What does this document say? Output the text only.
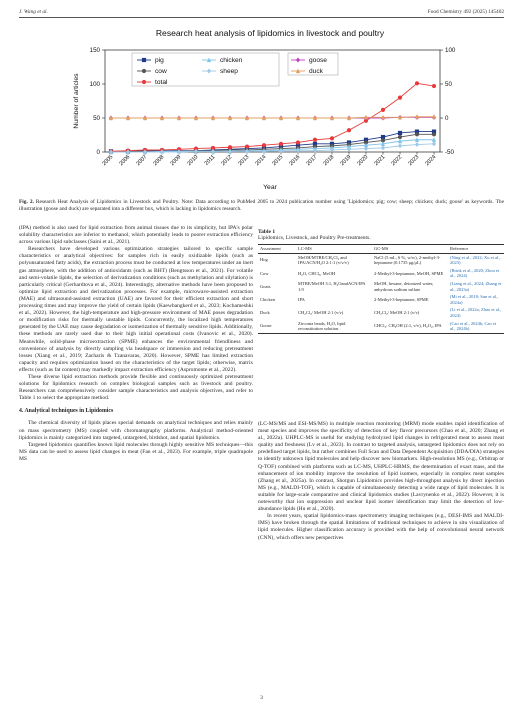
J. Wang et al.	Food Chemistry 492 (2025) 145402
Research heat analysis of lipidomics in livestock and poultry
0
50
100
150
-50
0
50
100
2005 2006 2007 2008 2009 2010 2011 2012 2013 2014 2015 2016 2017 2018 2019 2020 2021 2022 2023 2024
Year
Number of articles
pig
cow
total
chicken
sheep
goose
duck
Fig. 2. Research Heat Analysis of Lipidomics in Livestock and Poultry. Note: Data according to PubMed 2005 to 2024 publication number using 'Lipidomics; pig; cow; sheep; chicken; duck; goose' as keywords. The illustration (goose and duck) are separated into a different box, which is lacking in lipidomics research.

(IPA) method is also used for lipid extraction from animal tissues due to its simplicity, but IPA's polar solubility characteristics are inferior to methanol, which potentially leads to poorer extraction efficiency across various lipid subclasses (Saini et al., 2021).

Researchers have developed various optimization strategies tailored to specific sample characteristics or analytical objectives: for samples rich in easily oxidizable lipids (such as polyunsaturated fatty acids), the extraction process must be conducted at low temperatures under an inert gas atmosphere, with the addition of antioxidants (such as BHT) (Bengtsson et al., 2021). For volatile and semi-volatile lipids, the selection of derivatization conditions (such as methylation and silylation) is particularly critical (Gerhardtova et al., 2024). Interestingly, alternative methods have been proposed to optimize lipid extraction and derivatization processes. For example, microwave-assisted extraction (MAE) and ultrasound-assisted extraction (UAE) are favored for their efficient extraction and short processing times and may improve the yield of certain lipids (Kaewbangkerd et al., 2023; Kochameshki et al., 2022). However, the high-temperature and high-pressure environment of MAE poses degradation or modification risks for thermally unstable lipids. Concurrently, the localized high temperatures generated by the UAE may cause degradation or isomerization of thermally sensitive lipids. Additionally, these methods are rarely used due to their high initial operational costs (Ivanovic et al., 2020). Meanwhile, solid-phase microextraction (SPME) enhances the environmental friendliness and convenience of analysis by directly sampling via headspace or immersion and reducing pretreatment losses (Xiang et al., 2019; Zacharis & Tzanavaras, 2020). However, SPME has limited extraction capacity and requires optimization based on the characteristics of the target lipids; otherwise, matrix effects (such as fat content) may markedly impact extraction efficiency (Aspromonte et al., 2022).

These diverse lipid extraction methods provide flexible and continuously optimized pretreatment solutions for lipidomics research on complex biological samples such as livestock and poultry. Researchers can comprehensively consider sample characteristics and analysis objectives, and refer to Table 1 to select the appropriate method.

4. Analytical techniques in Lipidomics

The chemical diversity of lipids places special demands on analytical techniques and relies mainly on mass spectrometry (MS) coupled with chromatography platforms. Analytical method-oriented lipidomics is mainly categorized into targeted, untargeted, birdshot, and spatial lipidomics.

Targeted lipidomics quantifies known lipid molecules through highly sensitive MS techniques—this MS data can be used to assess lipid changes in meat (Fan et al., 2023). For example, triple quadrupole MS

Table 1
Lipidomics, Livestock, and Poultry Pre-treatments.
Assortment	LC-MS	GC-MS	Reference
Hog	MeOH/MTBE/CH₂Cl₂ and IPA/ACN/H₂O 2:1:1 (v/v/v)	NaCl (5 mL, 6 %, w/w), 2-methyl-3-heptanone (0.1735 μg/μL)	(Ning et al., 2022; Xu et al., 2023)
Cow	H₂O, CHCl₃, MeOH	2-Methyl-3-heptanone, MeOH, SPME	(Brink et al., 2020; Zhou et al., 2024)
Goats	MTBE/MeOH 3:1, H₂OandACN/IPA 1:9	MeOH, hexane, deionized water, anhydrous sodium sulfate	(Liang et al., 2024; Zhang et al., 2023a)
Chicken	IPA	2-Methyl-3-heptanone, SPME	(Mi et al., 2018; Sun et al., 2024a)
Duck	CH₂Cl₂/ MeOH 2:1 (v/v)	CH₂Cl₂/ MeOH 2:1 (v/v)	(Li et al., 2022a; Zhao et al., 2024)
Goose	Zirconia beads, H₂O, lipid reconstitution solution	CHCl₃: CH₃OH (2:1, v/v), H₂O₂, IPA	(Cao et al., 2024b; Cao et al., 2024b)

(LC-MS/MS and ESI-MS/MS) in multiple reaction monitoring (MRM) mode enables rapid identification of meat species and improves the specificity of detection of key flavor precursors (Chao et al., 2020; Zhang et al., 2022a). UHPLC-MS is useful for studying hydrolyzed lipid changes in refrigerated meat to assess meat quality and freshness (Lv et al., 2023). In contrast to targeted analysis, untargeted lipidomics does not rely on predefined target lipids, but rather combines Full Scan and Data Dependent Acquisition (DDA/DIA) strategies to identify unknown lipid molecules and help discover new biomarkers. High-resolution MS (e.g., Orbitrap or Q-TOF) combined with platforms such as LC-MS, UHPLC-HRMS, the determination of exact mass, and the enhancement of ion mobility improve the resolution of lipid isomers, especially in complex meat samples (Zhang et al., 2025a). In contrast, Shotgun Lipidomics provides high-throughput analysis by direct injection MS (e.g., MALDI-TOF), which is capable of simultaneously detecting a wide range of lipid molecules. It is suitable for large-scale comparative and clinical lipidomics studies (Lavrynenko et al., 2022). However, it is noteworthy that ion suppression and unclear lipid isomer identification may limit the detection of low-abundance lipids (Hu et al., 2020).

In recent years, spatial lipidomics-mass spectrometry imaging techniques (e.g., DESI-IMS and MALDI-IMS) have broken through the spatial limitations of traditional techniques to achieve in situ visualization of lipid molecules. Higher classification accuracy is provided with the help of convolutional neural network (CNN), which offers new perspectives

3
